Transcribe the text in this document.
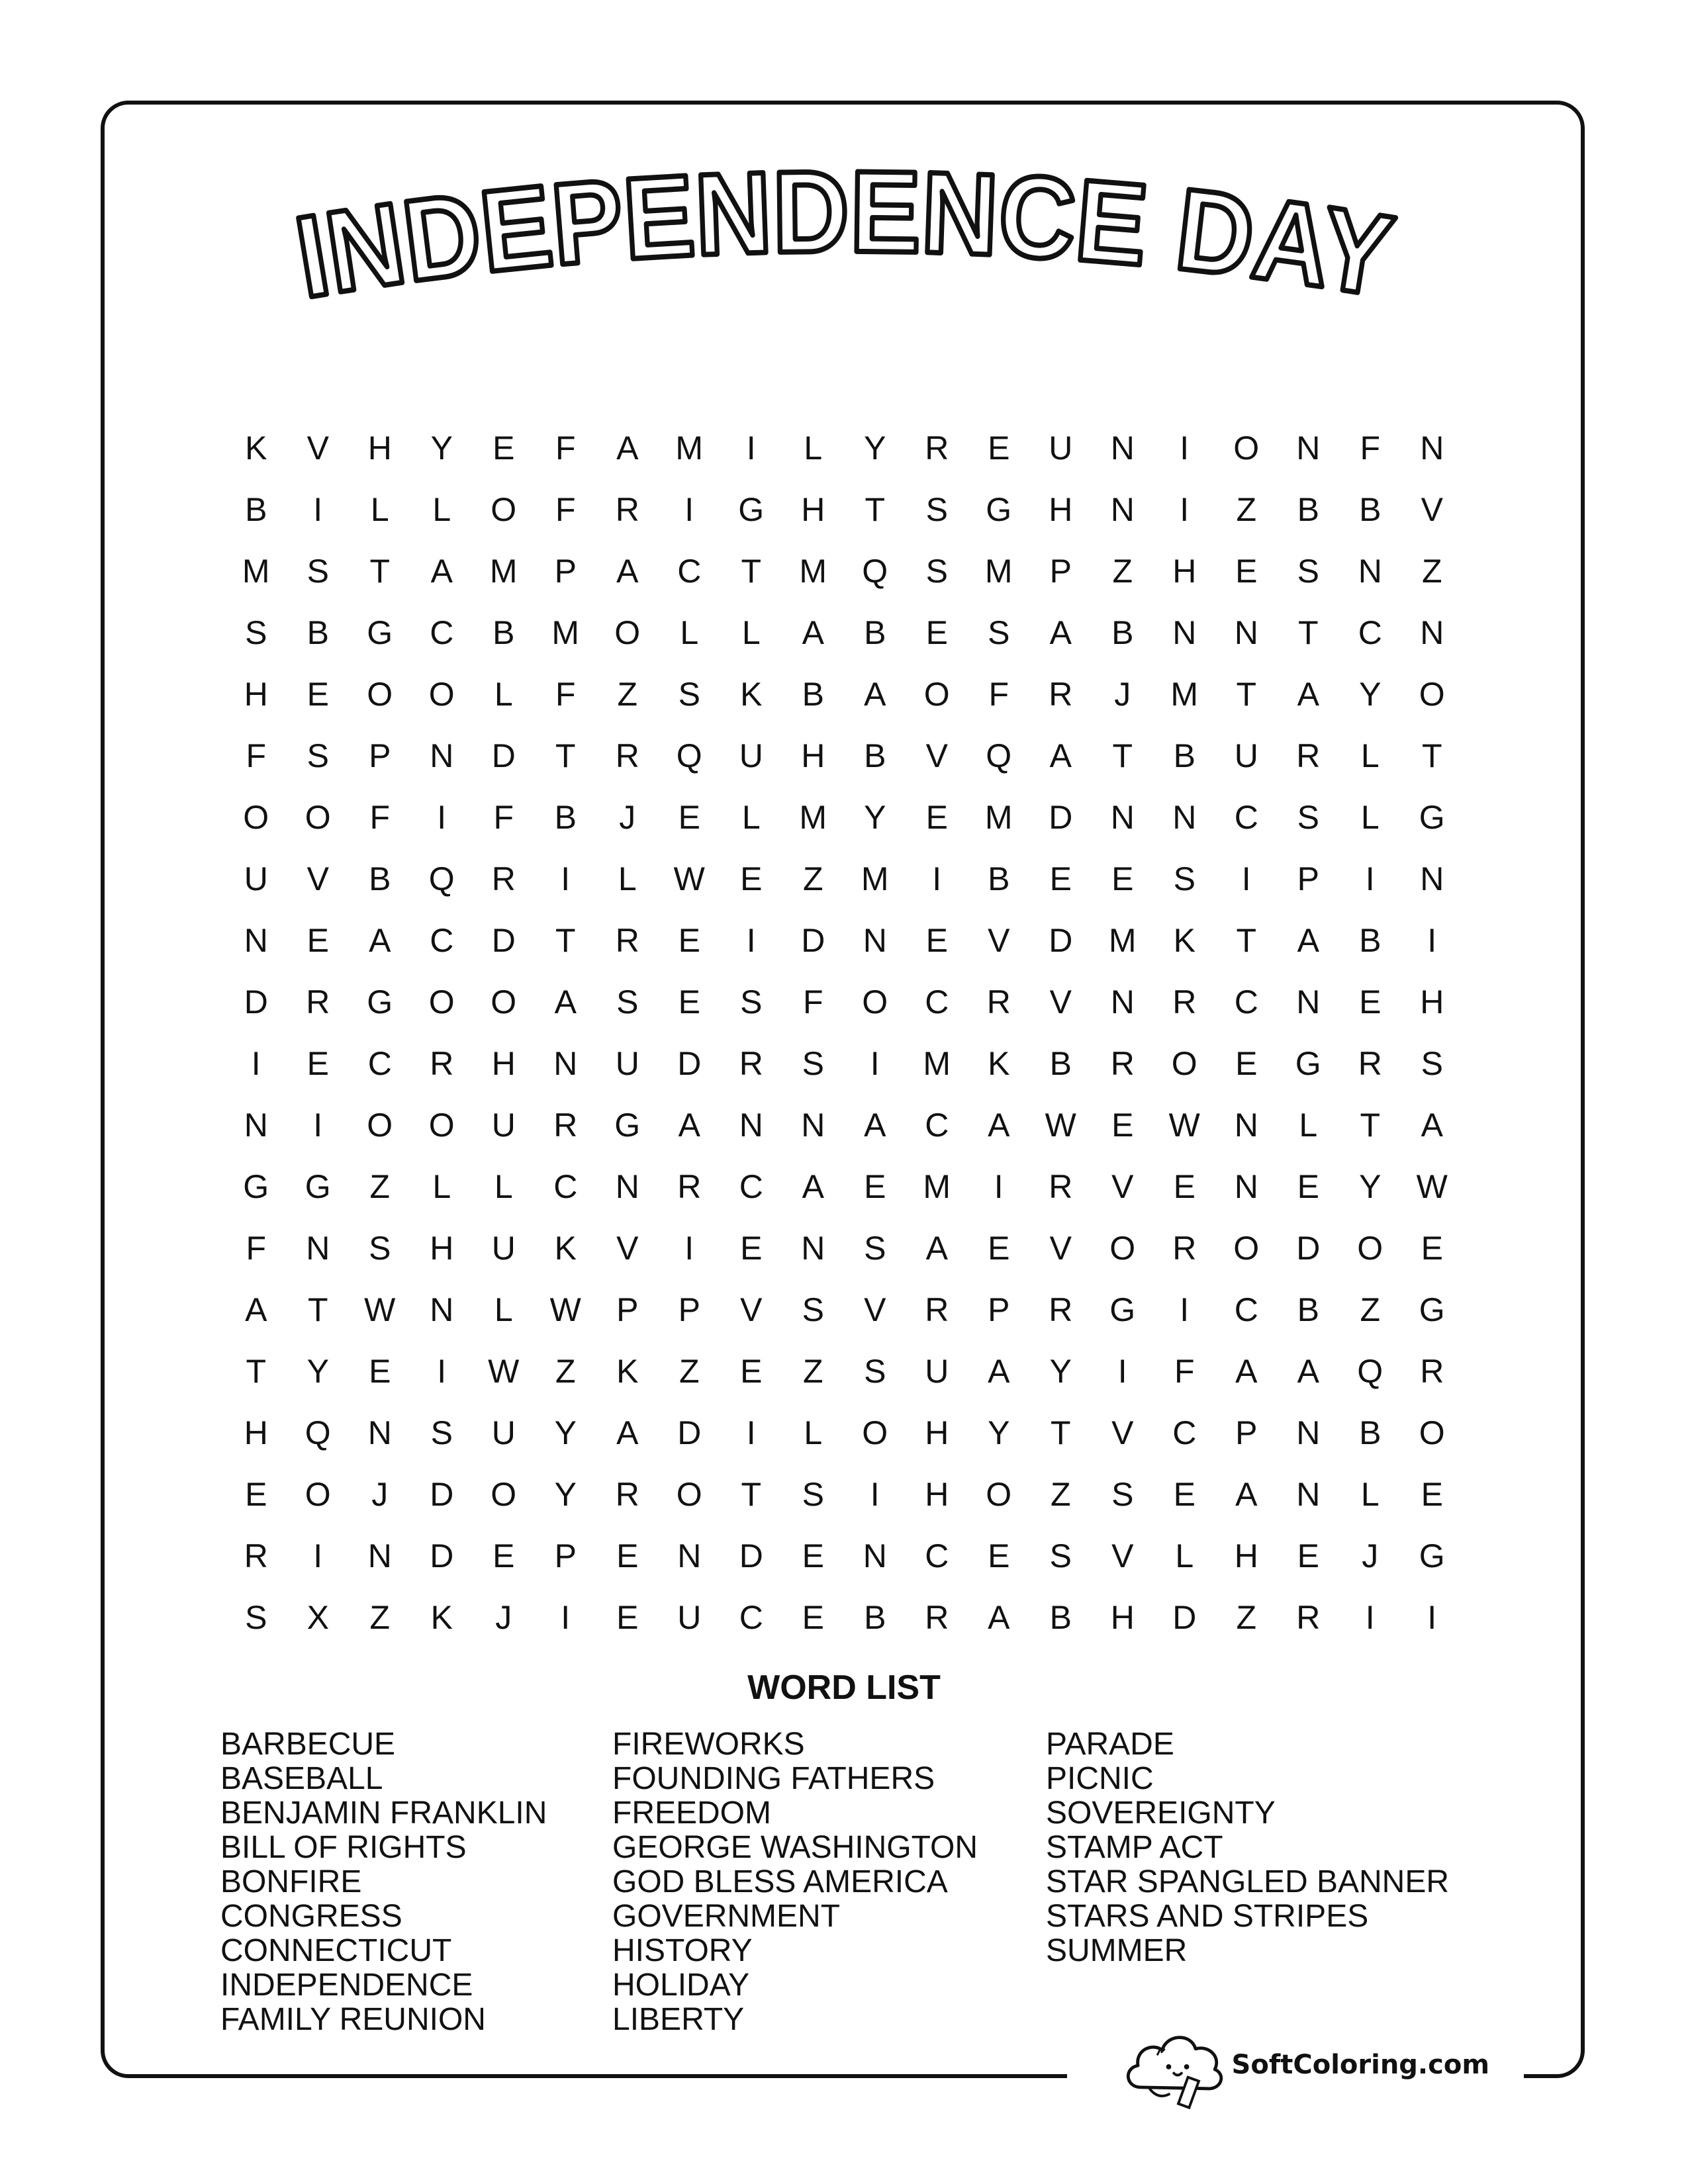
INDEPENDENCE DAY
K	V	H	Y	E	F	A	M	I	L	Y	R	E	U	N	I	O	N	F	N
B	I	L	L	O	F	R	I	G	H	T	S	G	H	N	I	Z	B	B	V
M	S	T	A	M	P	A	C	T	M	Q	S	M	P	Z	H	E	S	N	Z
S	B	G	C	B	M	O	L	L	A	B	E	S	A	B	N	N	T	C	N
H	E	O	O	L	F	Z	S	K	B	A	O	F	R	J	M	T	A	Y	O
F	S	P	N	D	T	R	Q	U	H	B	V	Q	A	T	B	U	R	L	T
O	O	F	I	F	B	J	E	L	M	Y	E	M	D	N	N	C	S	L	G
U	V	B	Q	R	I	L	W	E	Z	M	I	B	E	E	S	I	P	I	N
N	E	A	C	D	T	R	E	I	D	N	E	V	D	M	K	T	A	B	I
D	R	G	O	O	A	S	E	S	F	O	C	R	V	N	R	C	N	E	H
I	E	C	R	H	N	U	D	R	S	I	M	K	B	R	O	E	G	R	S
N	I	O	O	U	R	G	A	N	N	A	C	A	W	E	W	N	L	T	A
G	G	Z	L	L	C	N	R	C	A	E	M	I	R	V	E	N	E	Y	W
F	N	S	H	U	K	V	I	E	N	S	A	E	V	O	R	O	D	O	E
A	T	W	N	L	W	P	P	V	S	V	R	P	R	G	I	C	B	Z	G
T	Y	E	I	W	Z	K	Z	E	Z	S	U	A	Y	I	F	A	A	Q	R
H	Q	N	S	U	Y	A	D	I	L	O	H	Y	T	V	C	P	N	B	O
E	O	J	D	O	Y	R	O	T	S	I	H	O	Z	S	E	A	N	L	E
R	I	N	D	E	P	E	N	D	E	N	C	E	S	V	L	H	E	J	G
S	X	Z	K	J	I	E	U	C	E	B	R	A	B	H	D	Z	R	I	I
WORD LIST
BARBECUE
BASEBALL
BENJAMIN FRANKLIN
BILL OF RIGHTS
BONFIRE
CONGRESS
CONNECTICUT
INDEPENDENCE
FAMILY REUNION
FIREWORKS
FOUNDING FATHERS
FREEDOM
GEORGE WASHINGTON
GOD BLESS AMERICA
GOVERNMENT
HISTORY
HOLIDAY
LIBERTY
PARADE
PICNIC
SOVEREIGNTY
STAMP ACT
STAR SPANGLED BANNER
STARS AND STRIPES
SUMMER
SoftColoring.com
